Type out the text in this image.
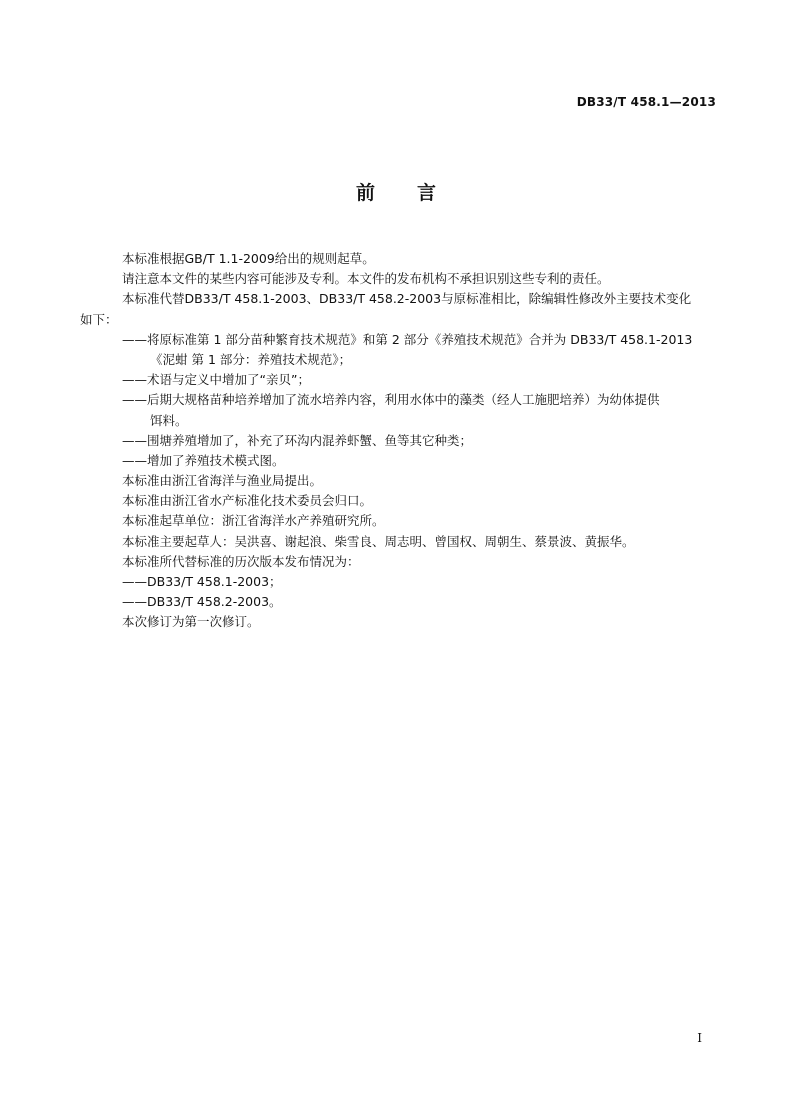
DB33/T 458.1—2013
前言
本标准根据GB/T 1.1-2009给出的规则起草。
请注意本文件的某些内容可能涉及专利。本文件的发布机构不承担识别这些专利的责任。
本标准代替DB33/T 458.1-2003、DB33/T 458.2-2003与原标准相比，除编辑性修改外主要技术变化
如下：
——将原标准第 1 部分苗种繁育技术规范》和第 2 部分《养殖技术规范》合并为 DB33/T 458.1-2013
《泥蚶 第 1 部分：养殖技术规范》；
——术语与定义中增加了“亲贝”；
——后期大规格苗种培养增加了流水培养内容，利用水体中的藻类（经人工施肥培养）为幼体提供
饵料。
——围塘养殖增加了，补充了环沟内混养虾蟹、鱼等其它种类；
——增加了养殖技术模式图。
本标准由浙江省海洋与渔业局提出。
本标准由浙江省水产标准化技术委员会归口。
本标准起草单位：浙江省海洋水产养殖研究所。
本标准主要起草人：吴洪喜、谢起浪、柴雪良、周志明、曾国权、周朝生、蔡景波、黄振华。
本标准所代替标准的历次版本发布情况为：
——DB33/T 458.1-2003；
——DB33/T 458.2-2003。
本次修订为第一次修订。
I
